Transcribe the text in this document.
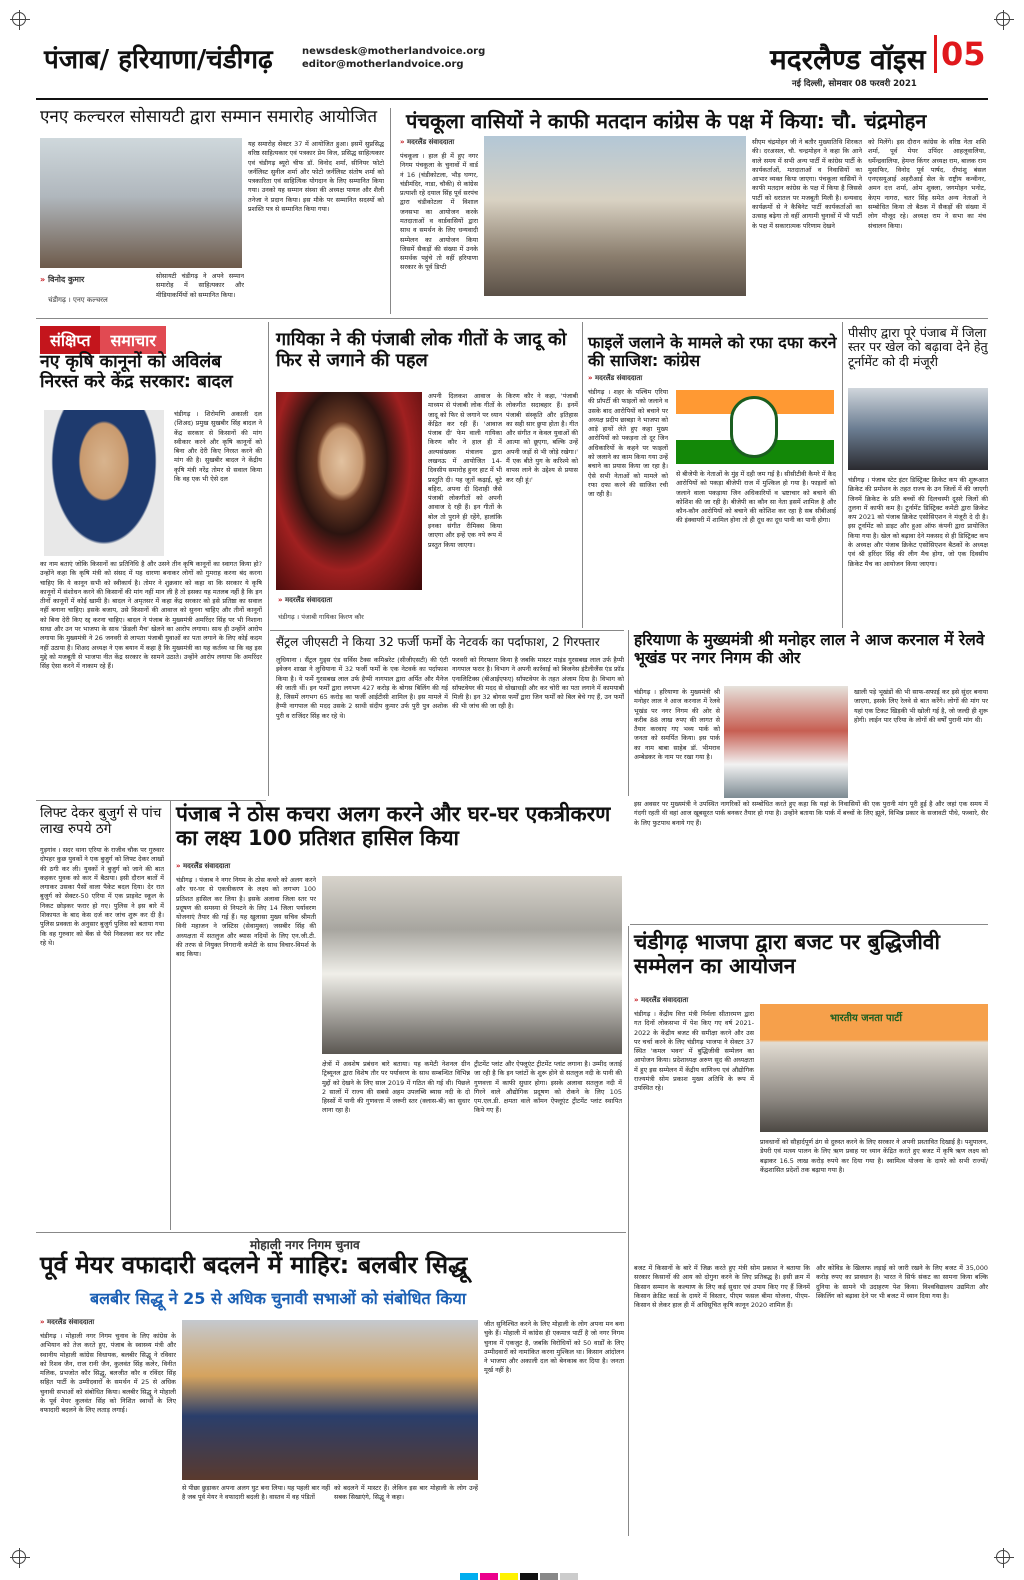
पंजाब/ हरियाणा/चंडीगढ़	newsdesk@motherlandvoice.org
editor@motherlandvoice.org	मदरलैण्ड वॉइस 05
नई दिल्ली, सोमवार 08 फरवरी 2021
एनए कल्चरल सोसायटी द्वारा सम्मान समारोह आयोजित
» विनोद कुमार
चंडीगढ़ । एनए कल्चरल
यह समारोह सेक्टर 37 में आयोजित हुआ। इसमें सुप्रसिद्ध वरिष्ठ साहित्यकार एवं पत्रकार प्रेम विज, प्रसिद्ध साहित्यकार एवं चंडीगढ़ ब्यूरो चीफ डॉ. विनोद शर्मा, सीनियर फोटो जर्नलिस्ट सुनील शर्मा और फोटो जर्नलिस्ट संतोष शर्मा को पत्रकारिता एवं साहित्यिक योगदान के लिए सम्मानित किया गया। उनको यह सम्मान संस्था की अध्यक्ष पायल और शैली तनेजा ने प्रदान किया। इस मौके पर सम्मानित सदस्यों को प्रशस्ति पत्र से सम्मानित किया गया।
सोसायटी चंडीगढ़ ने अपने सम्मान समारोह में साहित्यकार और मीडियाकर्मियों को सम्मानित किया।
पंचकूला वासियों ने काफी मतदान कांग्रेस के पक्ष में किया: चौ. चंद्रमोहन
» मदरलैंड संवाददाता
पंचकूला । हाल ही में हुए नगर निगम पंचकूला के चुनावों में वार्ड नं 16 (चंडीकोटला, भौड़ घग्गर, चंडीमंदिर, नाडा, चौकी) से कांग्रेस प्रत्याशी रहे दयाल सिंह पूर्व सरपंच द्वारा चंडीकोटला में विशाल जनसभा का आयोजन करके मतदाताओं व वार्डवासियों द्वारा साथ व समर्थन के लिए धन्यवादी सम्मेलन का आयोजन किया जिसमें सैकड़ों की संख्या में उनके समर्थक पहुंचे तो वहीं हरियाणा सरकार के पूर्व डिप्टी
सीएम चंद्रमोहन जी ने बतौर मुख्यातिथि शिरकत की। दरअसल, चौ. चन्द्रमोहन ने कहा कि आने वाले समय में सभी अन्य पार्टी में कांग्रेस पार्टी के कार्यकर्ताओं, मतदाताओं व निवासियों का आभार व्यक्त किया जाएगा। पंचकूला वासियों ने काफी मतदान कांग्रेस के पक्ष में किया है जिससे पार्टी को धरातल पर मजबूती मिली है। धन्यवाद कार्यक्रमों से ने कैबिनेट पार्टी कार्यकर्ताओं का उत्साह बढ़ेगा तो वहीं आगामी चुनावों में भी पार्टी के पक्ष में सकारात्मक परिणाम देखने
को मिलेंगे। इस दौरान कांग्रेस के वरिष्ठ नेता शशि शर्मा, पूर्व मेयर उपिंदर आहलूवालिया, धर्मेन्द्रवालिया, हेमन्त किंगर अध्यक्ष राम, बालक राम मुसाफिर, विनोद पूर्व पार्षद, दीपांशु बंसल एनएसयूआई अहरौआई सेल के राष्ट्रीय कन्वीनर, अमन दत्त शर्मा, ओम शुक्ला, जगमोहन भनोट, केएम नागरा, चतर सिंह समेत अन्य नेताओं ने सम्बोधित किया तो बैठक में सैकड़ों की संख्या में लोग मौजूद रहे। अध्यक्ष राम ने सभा का मंच संचालन किया।
संक्षिप्त समाचार
नए कृषि कानूनों को अविलंब निरस्त करे केंद्र सरकार: बादल
चंडीगढ़ । शिरोमणि अकाली दल (शिअद) प्रमुख सुखबीर सिंह बादल ने केंद्र सरकार से किसानों की मांग स्वीकार करने और कृषि कानूनों को बिना और देरी किए निरस्त करने की मांग की है। सुखबीर बादल ने केंद्रीय कृषि मंत्री नरेंद्र तोमर से सवाल किया कि वह एक भी ऐसे दल
का नाम बताएं जोकि किसानों का प्रतिनिधि है और उसने तीन कृषि कानूनों का स्वागत किया हो? उन्होंने कहा कि कृषि मंत्री को संसद में यह धारणा बनाकर लोगों को गुमराह करना बंद करना चाहिए कि ये कानून सभी को स्वीकार्य है। तोमर ने शुक्रवार को कहा था कि सरकार ये कृषि कानूनों में संशोधन करने की किसानों की मांग नहीं मान ली है तो इसका यह मतलब नहीं है कि इन तीनों कानूनों में कोई खामी है। बादल ने अमृतसर में कहा केंद्र सरकार को इसे प्रतिष्ठा का सवाल नहीं बनाना चाहिए। इसके बजाय, उसे किसानों की आवाज को सुनना चाहिए और तीनों कानूनों को बिना देरी किए रद्द करना चाहिए। बादल ने पंजाब के मुख्यमंत्री अमरिंदर सिंह पर भी निशाना साधा और उन पर भाजपा के साथ 'फ्रेंडली मैच' खेलने का आरोप लगाया। साथ ही उन्होंने आरोप लगाया कि मुख्यमंत्री ने 26 जनवरी से लापता पंजाबी युवाओं का पता लगाने के लिए कोई कदम नहीं उठाया है। शिअद अध्यक्ष ने एक बयान में कहा है कि मुख्यमंत्री का यह कर्तव्य था कि वह इस मुद्दे को मजबूती से भाजपा नीत केंद्र सरकार के सामने उठाते। उन्होंने आरोप लगाया कि अमरिंदर सिंह ऐसा करने में नाकाम रहे हैं।
गायिका ने की पंजाबी लोक गीतों के जादू को फिर से जगाने की पहल
» मदरलैंड संवाददाता
चंडीगढ़ । पंजाबी गायिका किरण कौर
अपनी दिलकश आवाज के माध्यम से पंजाबी लोक गीतों के जादू को फिर से जगाने पर ध्यान केंद्रित कर रही हैं। 'आवाज पंजाब दी' फेम वाली गायिका किरण कौर ने हाल ही में अल्पसंख्यक मंत्रालय द्वारा लखनऊ में आयोजित 14-दिवसीय समारोह हुनर हाट में भी प्रस्तुति दी। यह जूतों कढ़ाई, बूटे बहिरा, अपना दी दिशाही जैसे पंजाबी लोकगीतों को अपनी आवाज दे रही हैं। इन गीतों के बोल तो पुराने ही रहेंगे, हालांकि इनका संगीत रीमिक्स किया जाएगा और इन्हें एक नये रूप में प्रस्तुत किया जाएगा।
किरण कौर ने कहा, 'पंजाबी लोकगीत सदाबहार हैं। इनमें पंजाबी संस्कृति और इतिहास का सही सार छुपा होता है। गीत और संगीत न केवल युवाओं की आत्मा को छूएगा, बल्कि उन्हें अपनी जड़ों से भी जोड़े रखेगा।' मैं एक बीते युग के करिश्मे को वापस लाने के उद्देश्य से प्रयास कर रही हूं।'
फाइलें जलाने के मामले को रफा दफा करने की साजिश: कांग्रेस
» मदरलैंड संवाददाता
चंडीगढ़ । शहर के पश्चिम एरिया की प्रॉपर्टी की फाइलों को जलाने व उसके बाद आरोपियों को बचाने पर अध्यक्ष प्रदीप छाबड़ा ने भाजपा को आड़े हाथों लेते हुए कहा मुख्य आरोपियों को पकड़ना तो दूर जिन अधिकारियों के कहने पर फाइलों को जलाने का काम किया गया उन्हें बचाने का प्रयास किया जा रहा है। ऐसे सभी नेताओं को मामले को रफा दफा करने की साजिश रची जा रही है।
से बीजेपी के नेताओं के मुंह में दही जम गई है। सीसीटीवी कैमरे में कैद आरोपियों को पकड़ा बीजेपी राज में मुश्किल हो गया है। फाइलों को जलाने वाला पकड़ाया जिन अधिकारियों व भ्रष्टाचार को बचाने की कोशिश की जा रही है। बीजेपी का कौन सा नेता इसमें शामिल है और कौन-कौन आरोपियों को बचाने की कोशिश कर रहा है सब सीबीआई की इंक्वायरी में शामिल होना तो ही दूध का दूध पानी का पानी होगा।
पीसीए द्वारा पूरे पंजाब में जिला स्तर पर खेल को बढ़ावा देने हेतु टूर्नामेंट को दी मंजूरी
चंडीगढ़ । पंजाब स्टेट इंटर डिस्ट्रिक्ट क्रिकेट कप की शुरूआत क्रिकेट की प्रमोशन के तहत राज्य के उन जिलों में की जाएगी जिनमें क्रिकेट के प्रति बच्चों की दिलचस्पी दूसरे जिलों की तुलना में काफी कम है। टूर्नामेंट डिस्ट्रिक्ट कमेटी द्वारा क्रिकेट कप 2021 को पंजाब क्रिकेट एसोसिएशन ने मंजूरी दे दी है। इस टूर्नामेंट को डाइट और हुआ ऑफ कंपनी द्वारा प्रायोजित किया गया है। खेल को बढ़ावा देने मकसद से ही डिस्ट्रिक्ट कप के अध्यक्ष और पंजाब क्रिकेट एसोसिएशन बैठकों के अध्यक्ष एवं श्री हरिंदर सिंह की लीग मैच होगा, जो एक दिवसीय क्रिकेट मैच का आयोजन किया जाएगा।
सैंट्रल जीएसटी ने किया 32 फर्जी फर्मों के नेटवर्क का पर्दाफाश, 2 गिरफ्तार
लुधियाना । सैंट्रल गुड्स एंड सर्विस टैक्स कमिश्नरेट (सीजीएसटी) की एंटी इवेजन शाखा ने लुधियाना में 32 फर्जी फर्मों के एक नेटवर्क का पर्दाफाश किया है। ये फर्मे गुरसबख लाल उर्फ हैप्पी नागपाल द्वारा अर्पित और मैनेज की जाती थीं। इन फर्मों द्वारा लगभग 427 करोड़ के बोगस बिलिंग की गई है, जिसमें लगभग 65 करोड़ का फर्जी आईटीसी शामिल है। इस मामले में हैप्पी नागपाल की मदद उसके 2 साथी संदीप कुमार उर्फ पुरी पुत्र अशोक पुरी व राजिंदर सिंह कर रहे थे।
फरवरी को गिरफ्तार किया है जबकि मास्टर माइंड गुरसबख लाल उर्फ हैप्पी नागपाल फरार है। विभाग ने अपनी कार्रवाई को बिजनेस इंटैलीजैंस एंड फ्रॉड एनालिटिक्स (बीआईएफए) सॉफ्टवेयर के तहत अंजाम दिया है। विभाग को सॉफ्टवेयर की मदद से धोखाधड़ी और कर चोरी का पता लगाने में कामयाबी मिली है। इन 32 बोगस फर्मों द्वारा जिन फर्मों को बिल बेचे गए हैं, उन फर्मों की भी जांच की जा रही है।
हरियाणा के मुख्यमंत्री श्री मनोहर लाल ने आज करनाल में रेलवे भूखंड पर नगर निगम की ओर
चंडीगढ़ । हरियाणा के मुख्यमंत्री श्री मनोहर लाल ने आज करनाल में रेलवे भूखंड पर नगर निगम की ओर से करीब 88 लाख रुपए की लागत से तैयार करवाए गए भव्य पार्क को जनता को समर्पित किया। इस पार्क का नाम बाबा साहेब डॉ. भीमराव अम्बेडकर के नाम पर रखा गया है।
खाली पड़े भूखंडों की भी साफ-सफाई कर इसे सुंदर बनाया जाएगा, इसके लिए रेलवे से बात करेंगे। लोगों की मांग पर यहां एक टिकट खिड़की भी खोली गई है, जो जल्दी ही शुरू होगी। लाईन पार एरिया के लोगों की वर्षों पुरानी मांग थी।
इस अवसर पर मुख्यमंत्री ने उपस्थित नागरिकों को सम्बोधित करते हुए कहा कि यहां के निवासियों की एक पुरानी मांग पूरी हुई है और जहां एक समय में गंदगी रहती थी वहां आज खूबसूरत पार्क बनकर तैयार हो गया है। उन्होंने बताया कि पार्क में बच्चों के लिए झूले, विभिन्न प्रकार के सजावटी पौधे, फव्वारे, सैर के लिए फुटपाथ बनाये गए हैं।
लिफ्ट देकर बुजुर्ग से पांच लाख रुपये ठगे
गुड़गांव । सदर थाना एरिया के राजीव चौक पर गुरुवार दोपहर कुछ युवकों ने एक बुजुर्ग को लिफ्ट देकर लाखों की ठगी कर ली। युवकों ने बुजुर्ग को जाने की बात कहकर युवक को कार में बैठाया। इसी दौरान बातों में लगाकर उसका पैसों वाला पैकेट बदल दिया। देर रात बुजुर्ग को सेक्टर-50 एरिया में एक प्राइवेट स्कूल के निकट छोड़कर फरार हो गए। पुलिस ने इस बारे में शिकायत के बाद केस दर्ज कर जांच शुरू कर दी है। पुलिस प्रवक्ता के अनुसार बुजुर्ग पुलिस को बताया गया कि वह गुरुवार को बैंक से पैसे निकलवा कर घर लौट रहे थे।
पंजाब ने ठोस कचरा अलग करने और घर-घर एकत्रीकरण का लक्ष्य 100 प्रतिशत हासिल किया
» मदरलैंड संवाददाता
चंडीगढ़ । पंजाब ने नगर निगम के ठोस कचरे को अलग करने और घर-घर से एकत्रीकरण के लक्ष्य को लगभग 100 प्रतिशत हासिल कर लिया है। इसके अलावा जिला स्तर पर प्रदूषण की समस्या से निपटने के लिए 14 जिला पर्यावरण योजनाएं तैयार की गई हैं। यह खुलासा मुख्य सचिव श्रीमती विनी महाजन ने जस्टिस (सेवामुक्त) जसबीर सिंह की अध्यक्षता में सतलुज और ब्यास नदियों के लिए एन.जी.टी. की तरफ से नियुक्त निगरानी कमेटी के साथ विचार-विमर्श के बाद किया।
क्षेत्रों में अवशेष प्रबंधन बारे बताया। यह कमेटी नेशनल ग्रीन ट्रिब्यूनल द्वारा विशेष तौर पर पर्यावरण के साथ सम्बन्धित विभिन्न मुद्दों को देखने के लिए साल 2019 में गठित की गई थी। पिछले 2 सालों में राज्य की सबसे अहम उपलब्धि ब्यास नदी के दो हिस्सों में पानी की गुणवत्ता में जरूरी स्तर (क्लास-बी) का सुधार लाना रहा है।
ट्रीटमेंट प्लांट और ऐफ्लूएंट ट्रीटमेंट प्लांट लगाना है। उम्मीद जताई जा रही है कि इन प्लांटों के शुरू होने से सतलुज नदी के पानी की गुणवत्ता में काफी सुधार होगा। इसके अलावा सतलुज नदी में गिरने वाले औद्योगिक प्रदूषण को रोकने के लिए 105 एम.एल.डी. क्षमता वाले कॉमन ऐफ्लूएंट ट्रीटमेंट प्लांट स्थापित किये गए हैं।
चंडीगढ़ भाजपा द्वारा बजट पर बुद्धिजीवी सम्मेलन का आयोजन
» मदरलैंड संवाददाता
चंडीगढ़ । केंद्रीय वित्त मंत्री निर्मला सीतारमण द्वारा गत दिनों लोकसभा में पेश किए गए वर्ष 2021-2022 के केंद्रीय बजट की समीक्षा करने और उस पर चर्चा करने के लिए चंडीगढ़ भाजपा ने सेक्टर 37 स्थित 'कमल भवन' में बुद्धिजीवी सम्मेलन का आयोजन किया। प्रदेशाध्यक्ष अरुण सूद की अध्यक्षता में हुए इस सम्मेलन में केंद्रीय वाणिज्य एवं औद्योगिक राज्यमंत्री सोम प्रकाश मुख्य अतिथि के रूप में उपस्थित रहे।
भारतीय जनता पार्टी
प्रावधानों को सौहार्दपूर्ण ढंग से दुरुस्त करने के लिए सरकार ने अपनी प्रस्तावित दिखाई है। पशुपालन, डेयरी एवं मत्स्य पालन के लिए ऋण प्रवाह पर ध्यान केंद्रित करते हुए बजट में कृषि ऋण लक्ष्य को बढ़ाकर 16.5 लाख करोड़ रुपये कर दिया गया है। स्वामित्व योजना के दायरे को सभी राज्यों/केंद्रशासित प्रदेशों तक बढ़ाया गया है।
मोहाली नगर निगम चुनाव
पूर्व मेयर वफादारी बदलने में माहिर: बलबीर सिद्धू
बलबीर सिद्धू ने 25 से अधिक चुनावी सभाओं को संबोधित किया
» मदरलैंड संवाददाता
चंडीगढ़ । मोहाली नगर निगम चुनाव के लिए कांग्रेस के अभियान को तेज करते हुए, पंजाब के स्वास्थ्य मंत्री और स्थानीय मोहाली कांग्रेस विधायक, बलबीर सिद्धू ने रविवार को रिशव जैन, राज रानी जैन, कुलवंत सिंह कलेर, विनीत मलिक, प्रभजोत कौर सिद्धू, बलजीत कौर व रविंदर सिंह सहित पार्टी के उम्मीदवारों के समर्थन में 25 से अधिक चुनावी सभाओं को संबोधित किया। बलबीर सिद्धू ने मोहाली के पूर्व मेयर कुलवंत सिंह को निशित स्वार्थों के लिए वफादारी बदलने के लिए लताड़ लगाई।
से पीछा छुड़ाकर अपना अलग घुट बना लिया। यह पहली बार नहीं है जब पूर्व मेयर ने वफादारी बदली है। वास्तव में वह पंडितों
को बदलने में मास्टर हैं। लेकिन इस बार मोहाली के लोग उन्हें सबक सिखाएंगे, सिद्धू ने कहा।
जीत सुनिश्चित करने के लिए मोहाली के लोग अपना मन बना चुके हैं। मोहाली में कांग्रेस ही एकमात्र पार्टी है जो नगर निगम चुनाव में एकजुट है, जबकि विरोधियों को 50 वार्डों के लिए उम्मीदवारों को नामांकित करना मुश्किल था। किसान आंदोलन ने भाजपा और अकाली दल को बेनकाब कर दिया है। जनता मूर्ख नहीं है।
बजट में किसानों के बारे में जिक्र करते हुए मंत्री सोम प्रकाश ने बताया कि सरकार किसानों की आय को दोगुना करने के लिए प्रतिबद्ध है। इसी क्रम में किसान सम्मान के कल्याण के लिए कई सुधार एवं उपाय किए गए हैं जिनमें किसान क्रेडिट कार्ड के दायरे में विस्तार, पीएम फसल बीमा योजना, पीएम-किसान से लेकर हाल ही में अधिसूचित कृषि कानून 2020 शामिल हैं।
और कोविड के खिलाफ लड़ाई को जारी रखने के लिए बजट में 35,000 करोड़ रुपए का प्रावधान है। भारत ने सिर्फ संकट का सामना किया बल्कि दुनिया के सामने भी उदाहरण पेश किया। विश्वविद्यालय उद्यमिता और स्किलिंग को बढ़ावा देने पर भी बजट में ध्यान दिया गया है।
